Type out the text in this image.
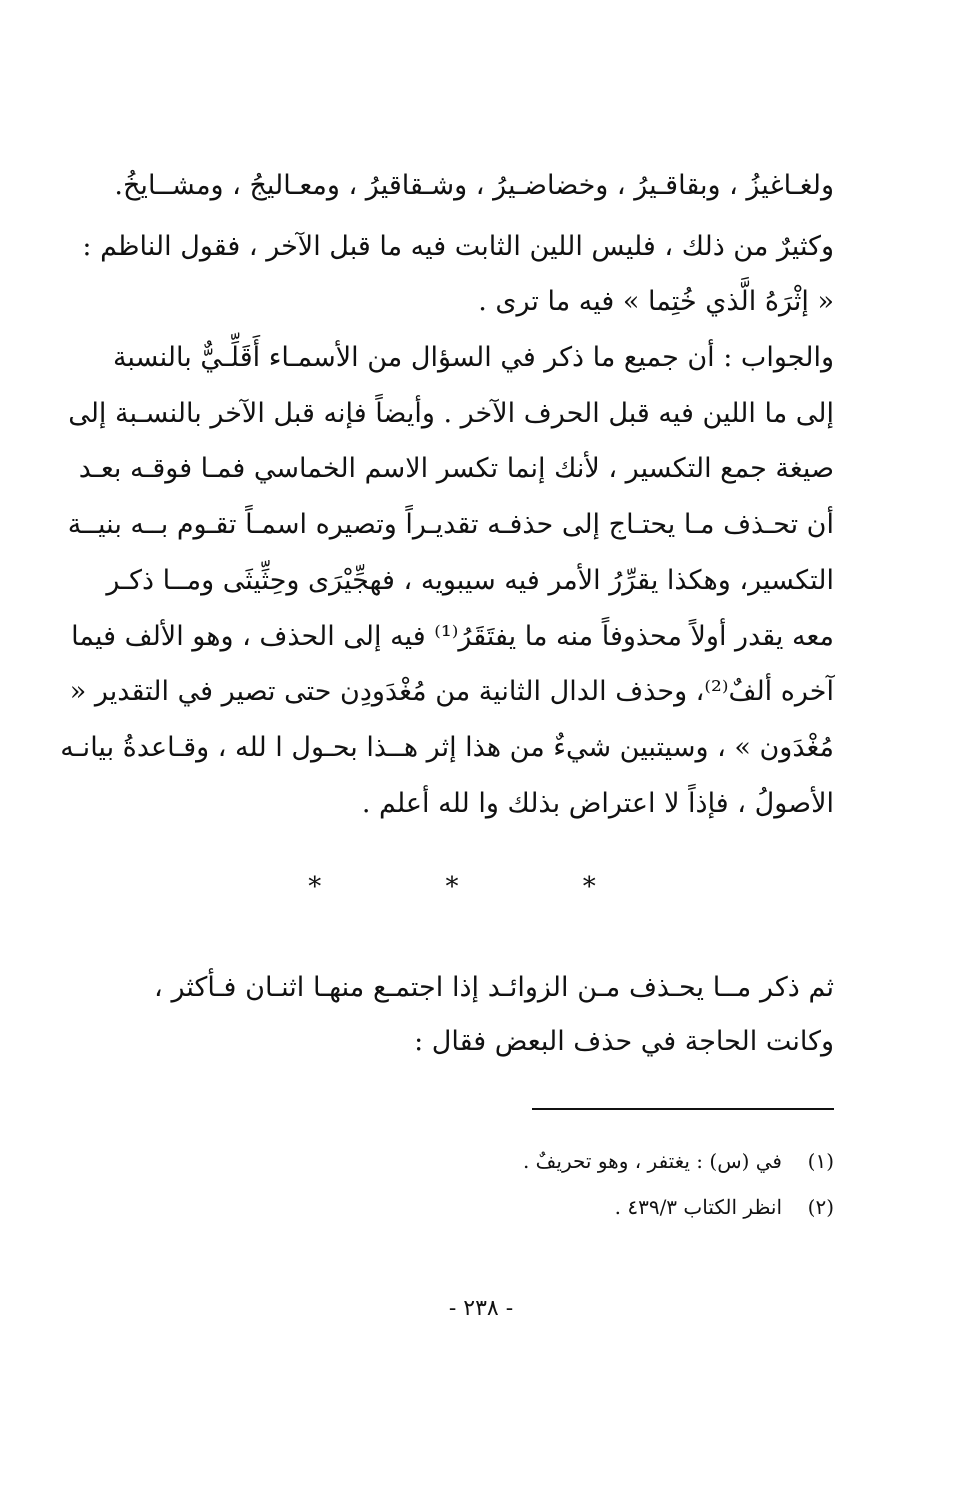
ولغـاغيزُ ، وبقاقـيرُ ، وخضاضـيرُ ، وشـقاقيرُ ، ومعـاليجُ ، ومشــايخُ.
وكثيرٌ من ذلك ، فليس اللين الثابت فيه ما قبل الآخر ، فقول الناظم :
« إثْرَهُ الَّذي خُتِما » فيه ما ترى .
والجواب : أن جميع ما ذكر في السؤال من الأسمـاء أَقَلِّـيٌّ بالنسبة
إلى ما اللين فيه قبل الحرف الآخر . وأيضاً فإنه قبل الآخر بالنسـبة إلى
صيغة جمع التكسير ، لأنك إنما تكسر الاسم الخماسي فمـا فوقـه بعـد
أن تحـذف مـا يحتـاج إلى حذفـه تقديـراً وتصيره اسمـاً تقـوم بــه بنيــة
التكسير، وهكذا يقرِّرُ الأمر فيه سيبويه ، فهجِّيْرَى وحِثِّيثَى ومــا ذكـر
معه يقدر أولاً محذوفاً منه ما يفتَقَرُ⁽¹⁾ فيه إلى الحذف ، وهو الألف فيما
آخره ألفٌ⁽²⁾، وحذف الدال الثانية من مُغْدَودِن حتى تصير في التقدير «
مُغْدَون » ، وسيتبين شيءٌ من هذا إثر هــذا بحـول ا لله ، وقـاعدةُ بيانـه
الأصولُ ، فإذاً لا اعتراض بذلك وا لله أعلم .
* * *
ثم ذكر مــا يحـذف مـن الزوائـد إذا اجتمـع منهـا اثنـان فـأكثر ،
وكانت الحاجة في حذف البعض فقال :
(١)في (س) : يغتفر ، وهو تحريفٌ .
(٢)انظر الكتاب ٤٣٩/٣ .
- ٢٣٨ -
